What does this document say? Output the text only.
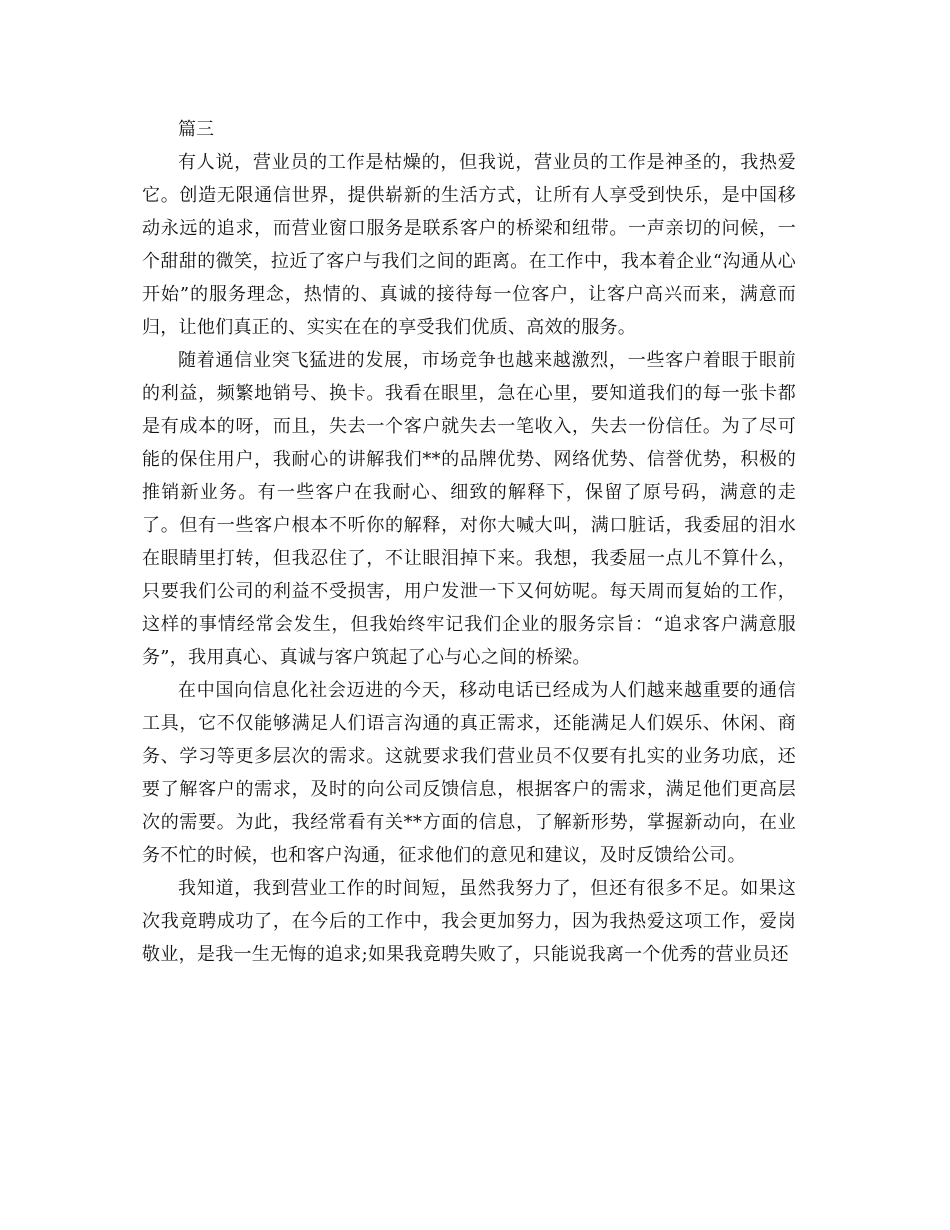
篇三

有人说，营业员的工作是枯燥的，但我说，营业员的工作是神圣的，我热爱它。创造无限通信世界，提供崭新的生活方式，让所有人享受到快乐，是中国移动永远的追求，而营业窗口服务是联系客户的桥梁和纽带。一声亲切的问候，一个甜甜的微笑，拉近了客户与我们之间的距离。在工作中，我本着企业“沟通从心开始”的服务理念，热情的、真诚的接待每一位客户，让客户高兴而来，满意而归，让他们真正的、实实在在的享受我们优质、高效的服务。

随着通信业突飞猛进的发展，市场竞争也越来越激烈，一些客户着眼于眼前的利益，频繁地销号、换卡。我看在眼里，急在心里，要知道我们的每一张卡都是有成本的呀，而且，失去一个客户就失去一笔收入，失去一份信任。为了尽可能的保住用户，我耐心的讲解我们**的品牌优势、网络优势、信誉优势，积极的推销新业务。有一些客户在我耐心、细致的解释下，保留了原号码，满意的走了。但有一些客户根本不听你的解释，对你大喊大叫，满口脏话，我委屈的泪水在眼睛里打转，但我忍住了，不让眼泪掉下来。我想，我委屈一点儿不算什么，只要我们公司的利益不受损害，用户发泄一下又何妨呢。每天周而复始的工作，这样的事情经常会发生，但我始终牢记我们企业的服务宗旨：“追求客户满意服务”，我用真心、真诚与客户筑起了心与心之间的桥梁。

在中国向信息化社会迈进的今天，移动电话已经成为人们越来越重要的通信工具，它不仅能够满足人们语言沟通的真正需求，还能满足人们娱乐、休闲、商务、学习等更多层次的需求。这就要求我们营业员不仅要有扎实的业务功底，还要了解客户的需求，及时的向公司反馈信息，根据客户的需求，满足他们更高层次的需要。为此，我经常看有关**方面的信息，了解新形势，掌握新动向，在业务不忙的时候，也和客户沟通，征求他们的意见和建议，及时反馈给公司。

我知道，我到营业工作的时间短，虽然我努力了，但还有很多不足。如果这次我竟聘成功了，在今后的工作中，我会更加努力，因为我热爱这项工作，爱岗敬业，是我一生无悔的追求;如果我竟聘失败了，只能说我离一个优秀的营业员还
